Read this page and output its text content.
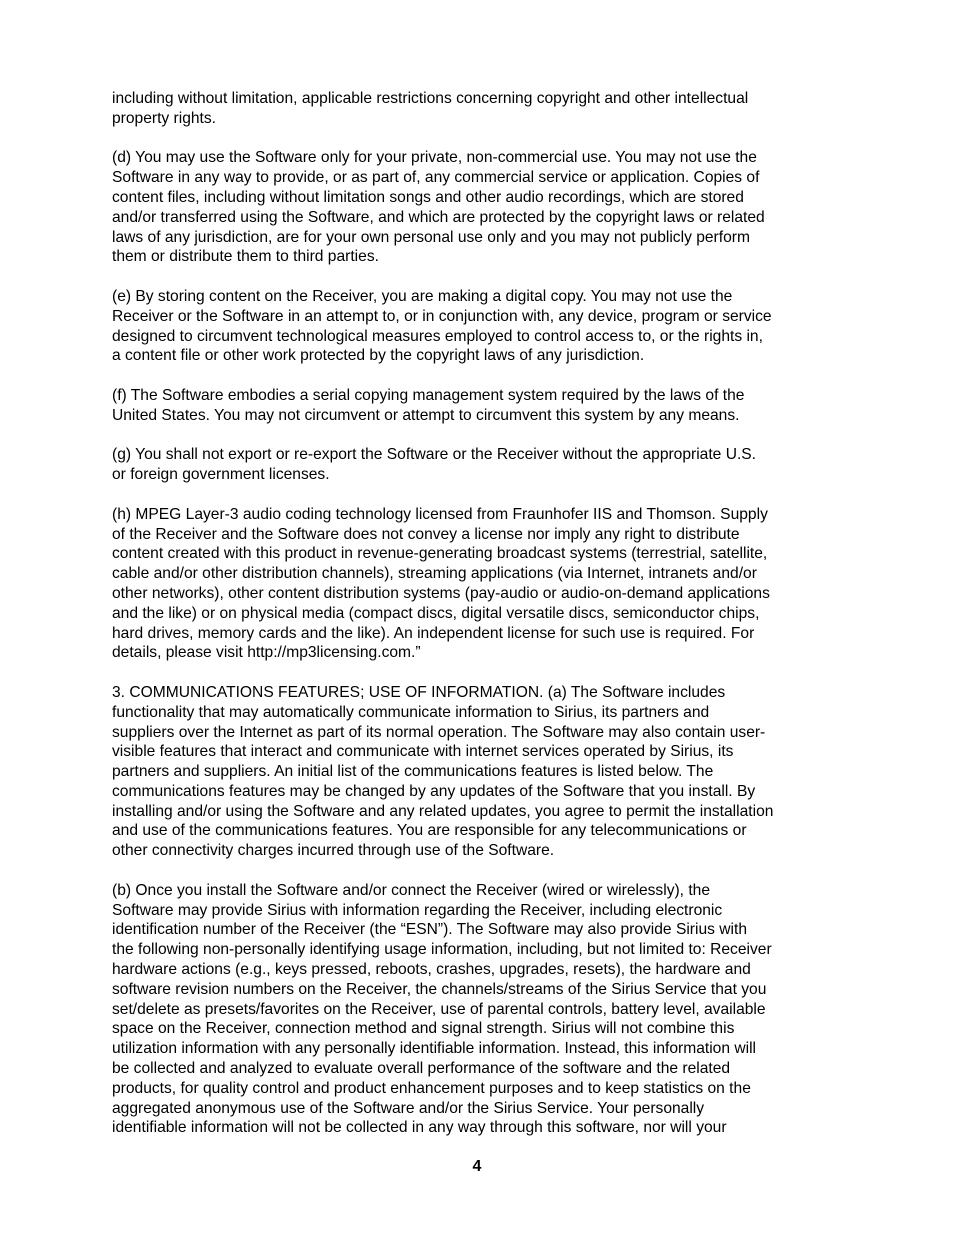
including without limitation, applicable restrictions concerning copyright and other intellectual
property rights.

(d) You may use the Software only for your private, non-commercial use. You may not use the
Software in any way to provide, or as part of, any commercial service or application. Copies of
content files, including without limitation songs and other audio recordings, which are stored
and/or transferred using the Software, and which are protected by the copyright laws or related
laws of any jurisdiction, are for your own personal use only and you may not publicly perform
them or distribute them to third parties.

(e) By storing content on the Receiver, you are making a digital copy. You may not use the
Receiver or the Software in an attempt to, or in conjunction with, any device, program or service
designed to circumvent technological measures employed to control access to, or the rights in,
a content file or other work protected by the copyright laws of any jurisdiction.

(f) The Software embodies a serial copying management system required by the laws of the
United States. You may not circumvent or attempt to circumvent this system by any means.

(g) You shall not export or re-export the Software or the Receiver without the appropriate U.S.
or foreign government licenses.

(h) MPEG Layer-3 audio coding technology licensed from Fraunhofer IIS and Thomson. Supply
of the Receiver and the Software does not convey a license nor imply any right to distribute
content created with this product in revenue-generating broadcast systems (terrestrial, satellite,
cable and/or other distribution channels), streaming applications (via Internet, intranets and/or
other networks), other content distribution systems (pay-audio or audio-on-demand applications
and the like) or on physical media (compact discs, digital versatile discs, semiconductor chips,
hard drives, memory cards and the like). An independent license for such use is required. For
details, please visit http://mp3licensing.com.”

3. COMMUNICATIONS FEATURES; USE OF INFORMATION. (a) The Software includes
functionality that may automatically communicate information to Sirius, its partners and
suppliers over the Internet as part of its normal operation. The Software may also contain user-
visible features that interact and communicate with internet services operated by Sirius, its
partners and suppliers. An initial list of the communications features is listed below. The
communications features may be changed by any updates of the Software that you install. By
installing and/or using the Software and any related updates, you agree to permit the installation
and use of the communications features. You are responsible for any telecommunications or
other connectivity charges incurred through use of the Software.

(b) Once you install the Software and/or connect the Receiver (wired or wirelessly), the
Software may provide Sirius with information regarding the Receiver, including electronic
identification number of the Receiver (the “ESN”). The Software may also provide Sirius with
the following non-personally identifying usage information, including, but not limited to: Receiver
hardware actions (e.g., keys pressed, reboots, crashes, upgrades, resets), the hardware and
software revision numbers on the Receiver, the channels/streams of the Sirius Service that you
set/delete as presets/favorites on the Receiver, use of parental controls, battery level, available
space on the Receiver, connection method and signal strength. Sirius will not combine this
utilization information with any personally identifiable information. Instead, this information will
be collected and analyzed to evaluate overall performance of the software and the related
products, for quality control and product enhancement purposes and to keep statistics on the
aggregated anonymous use of the Software and/or the Sirius Service. Your personally
identifiable information will not be collected in any way through this software, nor will your

4
